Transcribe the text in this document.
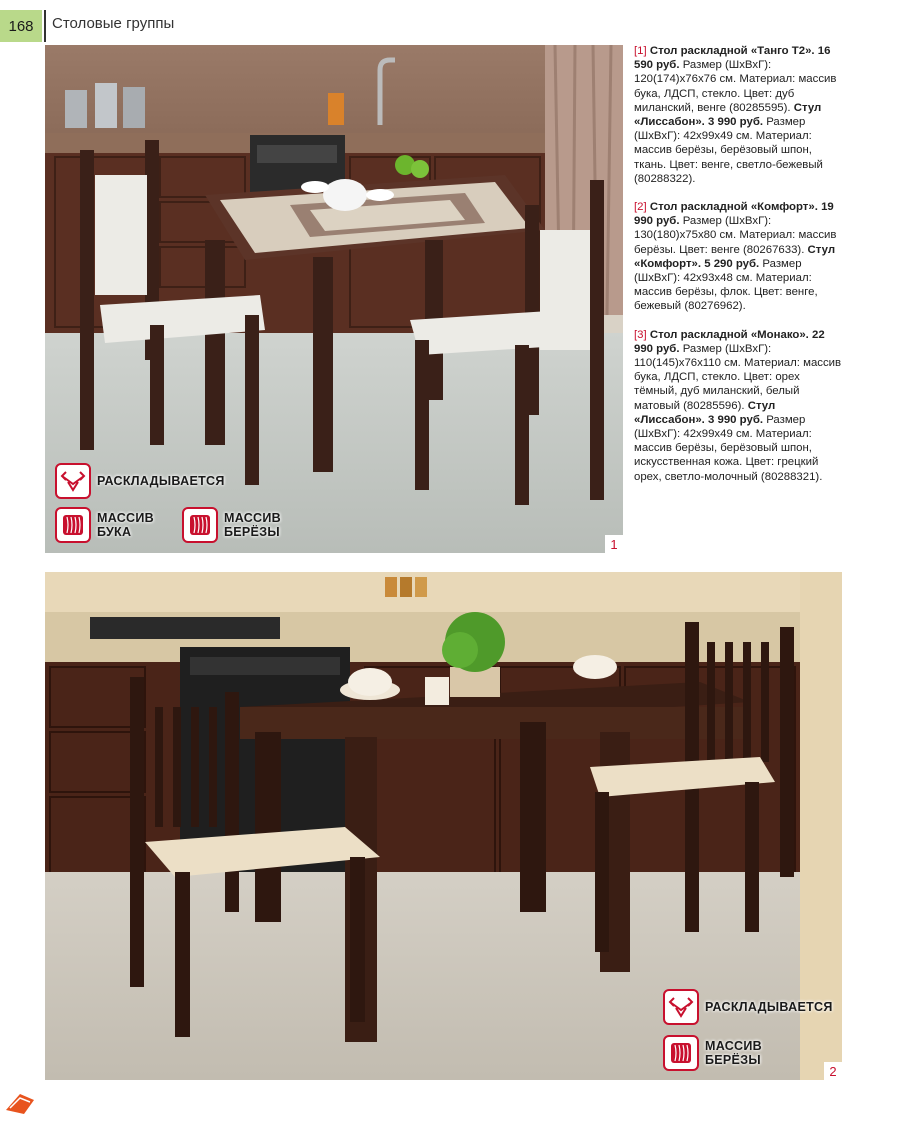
168	Столовые группы
РАСКЛАДЫВАЕТСЯ
МАССИВ
БУКА
МАССИВ
БЕРЁЗЫ
1
РАСКЛАДЫВАЕТСЯ
МАССИВ
БЕРЁЗЫ
2

[1] Стол раскладной «Танго Т2». 16 590 руб. Размер (ШхВхГ): 120(174)х76х76 см. Материал: массив бука, ЛДСП, стекло. Цвет: дуб миланский, венге (80285595). Стул «Лиссабон». 3 990 руб. Размер (ШхВхГ): 42х99х49 см. Материал: массив берёзы, берёзовый шпон, ткань. Цвет: венге, светло-бежевый (80288322).

[2] Стол раскладной «Комфорт». 19 990 руб. Размер (ШхВхГ): 130(180)х75х80 см. Материал: массив берёзы. Цвет: венге (80267633). Стул «Комфорт». 5 290 руб. Размер (ШхВхГ): 42х93х48 см. Материал: массив берёзы, флок. Цвет: венге, бежевый (80276962).

[3] Стол раскладной «Монако». 22 990 руб. Размер (ШхВхГ): 110(145)х76х110 см. Материал: массив бука, ЛДСП, стекло. Цвет: орех тёмный, дуб миланский, белый матовый (80285596). Стул «Лиссабон». 3 990 руб. Размер (ШхВхГ): 42х99х49 см. Материал: массив берёзы, берёзовый шпон, искусственная кожа. Цвет: грецкий орех, светло-молочный (80288321).
